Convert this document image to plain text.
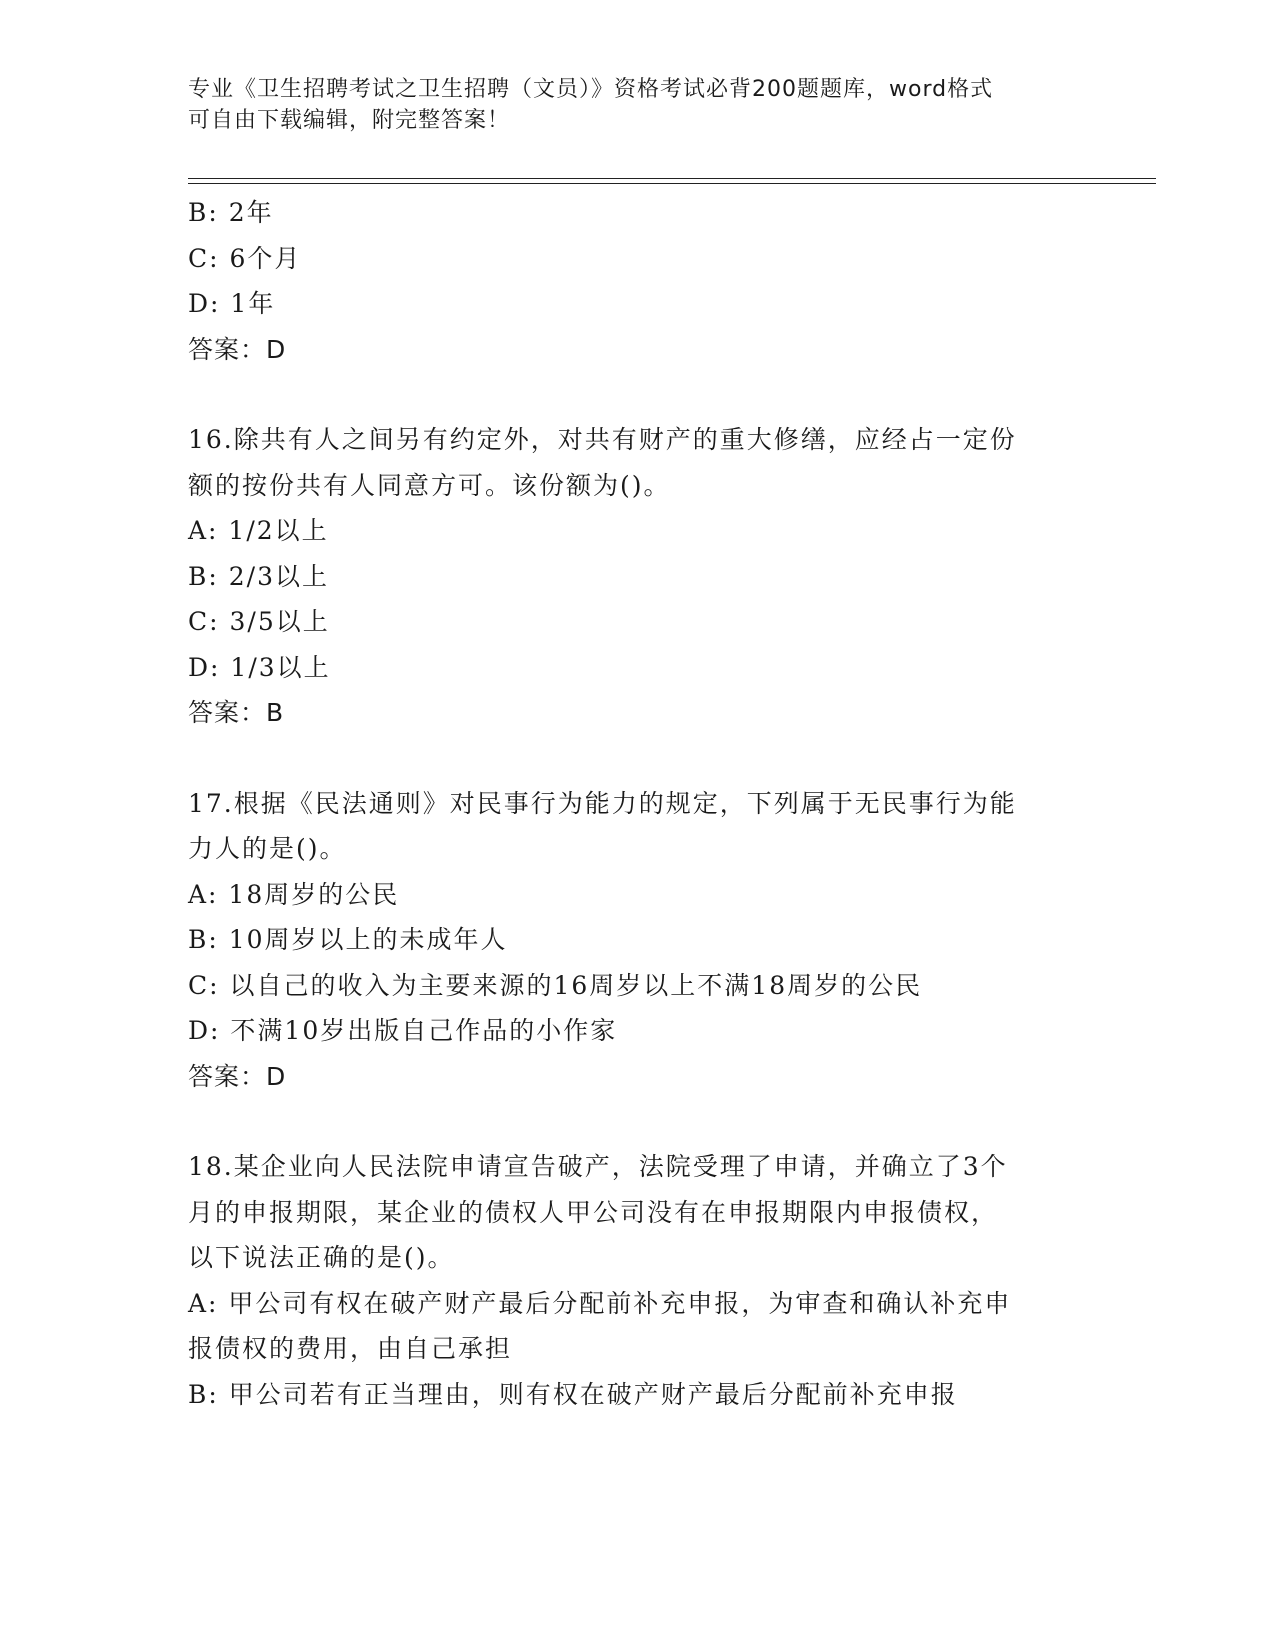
专业《卫生招聘考试之卫生招聘（文员）》资格考试必背200题题库，word格式
可自由下载编辑，附完整答案！
B: 2年
C: 6个月
D: 1年
答案：D
16.除共有人之间另有约定外，对共有财产的重大修缮，应经占一定份
额的按份共有人同意方可。该份额为()。
A: 1/2以上
B: 2/3以上
C: 3/5以上
D: 1/3以上
答案：B
17.根据《民法通则》对民事行为能力的规定，下列属于无民事行为能
力人的是()。
A: 18周岁的公民
B: 10周岁以上的未成年人
C: 以自己的收入为主要来源的16周岁以上不满18周岁的公民
D: 不满10岁出版自己作品的小作家
答案：D
18.某企业向人民法院申请宣告破产，法院受理了申请，并确立了3个
月的申报期限，某企业的债权人甲公司没有在申报期限内申报债权，
以下说法正确的是()。
A: 甲公司有权在破产财产最后分配前补充申报，为审查和确认补充申
报债权的费用，由自己承担
B: 甲公司若有正当理由，则有权在破产财产最后分配前补充申报
